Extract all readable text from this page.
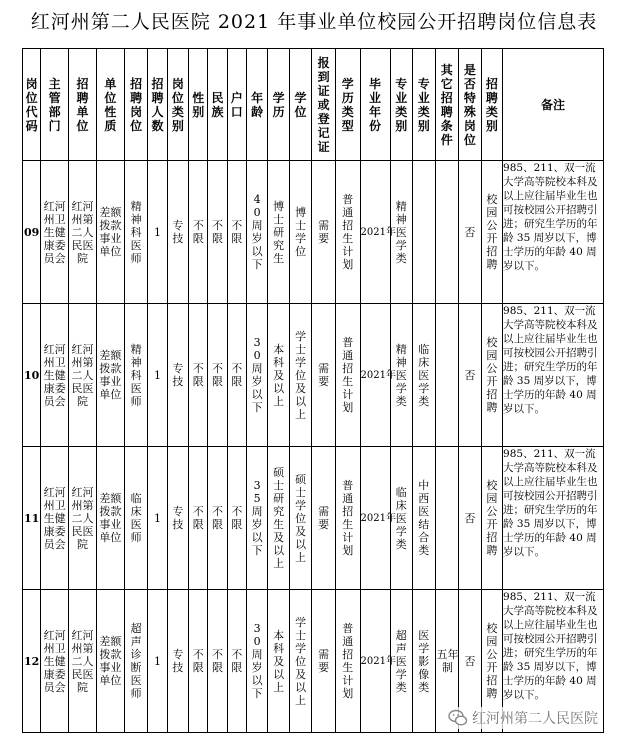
红河州第二人民医院 2021 年事业单位校园公开招聘岗位信息表
岗位代码	主管部门	招聘单位	单位性质	招聘岗位	招聘人数	岗位类别	性别	民族	户口	年龄	学历	学位	报到证或登记证	学历类型	毕业年份	专业类别	专业类别	其它招聘条件	是否特殊岗位	招聘类别	备注
09	红河州卫生健康委员会	红河州第二人民医院	差额拨款事业单位	精神科医师	1	专技	不限	不限	不限	40周岁以下	博士研究生	博士学位	需要	普通招生计划	2021年	精神医学类			否	校园公开招聘	985、211、双一流大学高等院校本科及以上应往届毕业生也可按校园公开招聘引进；研究生学历的年龄 35 周岁以下，博士学历的年龄 40 周岁以下。
10	红河州卫生健康委员会	红河州第二人民医院	差额拨款事业单位	精神科医师	1	专技	不限	不限	不限	30周岁以下	本科及以上	学士学位及以上	需要	普通招生计划	2021年	精神医学类	临床医学类		否	校园公开招聘	985、211、双一流大学高等院校本科及以上应往届毕业生也可按校园公开招聘引进；研究生学历的年龄 35 周岁以下，博士学历的年龄 40 周岁以下。
11	红河州卫生健康委员会	红河州第二人民医院	差额拨款事业单位	临床医师	1	专技	不限	不限	不限	35周岁以下	硕士研究生及以上	硕士学位及以上	需要	普通招生计划	2021年	临床医学类	中西医结合类		否	校园公开招聘	985、211、双一流大学高等院校本科及以上应往届毕业生也可按校园公开招聘引进；研究生学历的年龄 35 周岁以下，博士学历的年龄 40 周岁以下。
12	红河州卫生健康委员会	红河州第二人民医院	差额拨款事业单位	超声诊断医师	1	专技	不限	不限	不限	30周岁以下	本科及以上	学士学位及以上	需要	普通招生计划	2021年	超声医学类	医学影像类	五年制	否	校园公开招聘	985、211、双一流大学高等院校本科及以上应往届毕业生也可按校园公开招聘引进；研究生学历的年龄 35 周岁以下，博士学历的年龄 40 周岁以下。
红河州第二人民医院
